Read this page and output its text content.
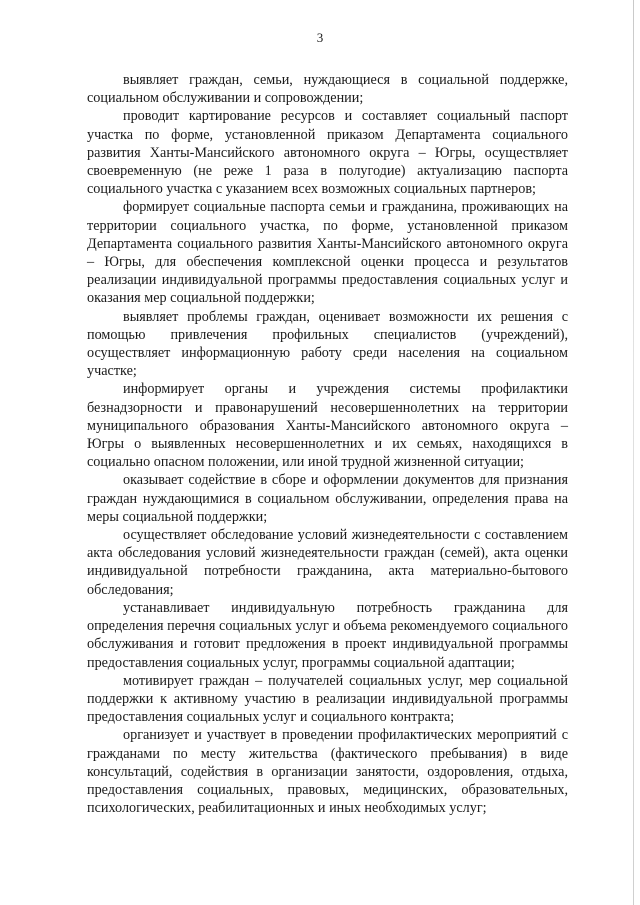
3

выявляет граждан, семьи, нуждающиеся в социальной поддержке, социальном обслуживании и сопровождении;

проводит картирование ресурсов и составляет социальный паспорт участка по форме, установленной приказом Департамента социального развития Ханты-Мансийского автономного округа – Югры, осуществляет своевременную (не реже 1 раза в полугодие) актуализацию паспорта социального участка с указанием всех возможных социальных партнеров;

формирует социальные паспорта семьи и гражданина, проживающих на территории социального участка, по форме, установленной приказом Департамента социального развития Ханты-Мансийского автономного округа – Югры, для обеспечения комплексной оценки процесса и результатов реализации индивидуальной программы предоставления социальных услуг и оказания мер социальной поддержки;

выявляет проблемы граждан, оценивает возможности их решения с помощью привлечения профильных специалистов (учреждений), осуществляет информационную работу среди населения на социальном участке;

информирует органы и учреждения системы профилактики безнадзорности и правонарушений несовершеннолетних на территории муниципального образования Ханты-Мансийского автономного округа – Югры о выявленных несовершеннолетних и их семьях, находящихся в социально опасном положении, или иной трудной жизненной ситуации;

оказывает содействие в сборе и оформлении документов для признания граждан нуждающимися в социальном обслуживании, определения права на меры социальной поддержки;

осуществляет обследование условий жизнедеятельности с составлением акта обследования условий жизнедеятельности граждан (семей), акта оценки индивидуальной потребности гражданина, акта материально-бытового обследования;

устанавливает индивидуальную потребность гражданина для определения перечня социальных услуг и объема рекомендуемого социального обслуживания и готовит предложения в проект индивидуальной программы предоставления социальных услуг, программы социальной адаптации;

мотивирует граждан – получателей социальных услуг, мер социальной поддержки к активному участию в реализации индивидуальной программы предоставления социальных услуг и социального контракта;

организует и участвует в проведении профилактических мероприятий с гражданами по месту жительства (фактического пребывания) в виде консультаций, содействия в организации занятости, оздоровления, отдыха, предоставления социальных, правовых, медицинских, образовательных, психологических, реабилитационных и иных необходимых услуг;
